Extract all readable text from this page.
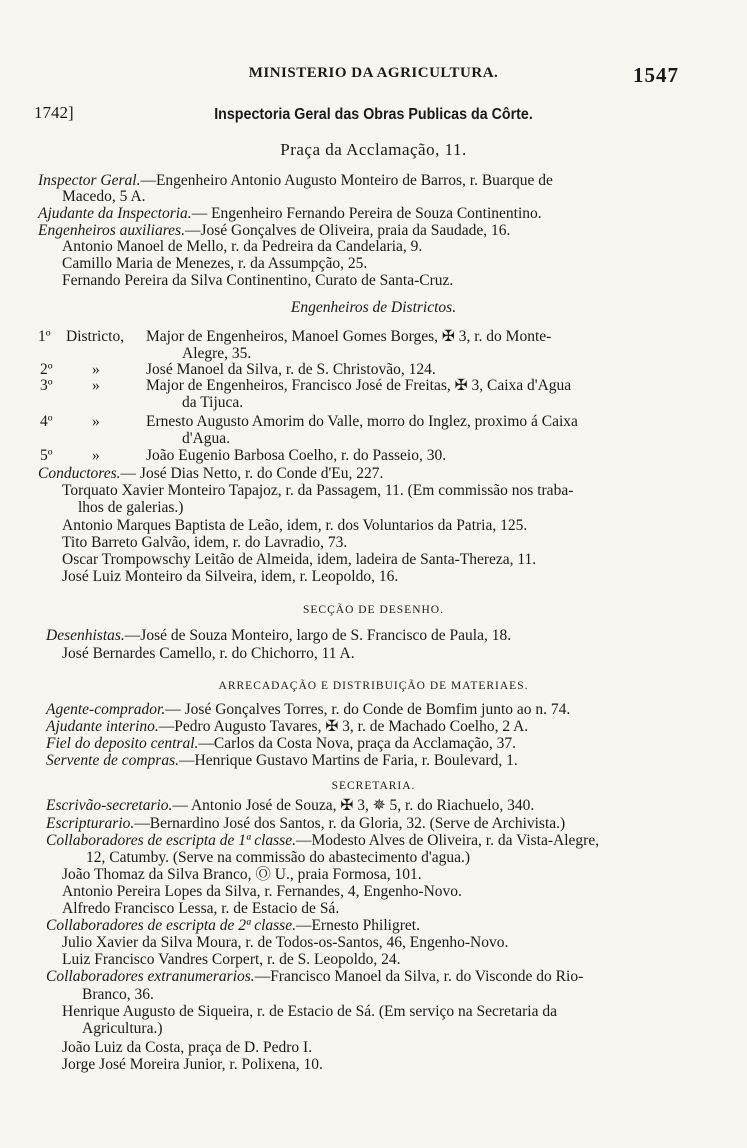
MINISTERIO DA AGRICULTURA.	1547
1742]	Inspectoria Geral das Obras Publicas da Côrte.
Praça da Acclamação, 11.
Inspector Geral.—Engenheiro Antonio Augusto Monteiro de Barros, r. Buarque de
Macedo, 5 A.
Ajudante da Inspectoria.— Engenheiro Fernando Pereira de Souza Continentino.
Engenheiros auxiliares.—José Gonçalves de Oliveira, praia da Saudade, 16.
Antonio Manoel de Mello, r. da Pedreira da Candelaria, 9.
Camillo Maria de Menezes, r. da Assumpção, 25.
Fernando Pereira da Silva Continentino, Curato de Santa-Cruz.
Engenheiros de Districtos.
1º Districto, Major de Engenheiros, Manoel Gomes Borges, ✠ 3, r. do Monte-
Alegre, 35.
2º	»	José Manoel da Silva, r. de S. Christovão, 124.
3º	»	Major de Engenheiros, Francisco José de Freitas, ✠ 3, Caixa d'Agua
da Tijuca.
4º	»	Ernesto Augusto Amorim do Valle, morro do Inglez, proximo á Caixa
d'Agua.
5º	»	João Eugenio Barbosa Coelho, r. do Passeio, 30.
Conductores.— José Dias Netto, r. do Conde d'Eu, 227.
Torquato Xavier Monteiro Tapajoz, r. da Passagem, 11. (Em commissão nos traba-
lhos de galerias.)
Antonio Marques Baptista de Leão, idem, r. dos Voluntarios da Patria, 125.
Tito Barreto Galvão, idem, r. do Lavradio, 73.
Oscar Trompowschy Leitão de Almeida, idem, ladeira de Santa-Thereza, 11.
José Luiz Monteiro da Silveira, idem, r. Leopoldo, 16.
SECÇÃO DE DESENHO.
Desenhistas.—José de Souza Monteiro, largo de S. Francisco de Paula, 18.
José Bernardes Camello, r. do Chichorro, 11 A.
ARRECADAÇÃO E DISTRIBUIÇÃO DE MATERIAES.
Agente-comprador.— José Gonçalves Torres, r. do Conde de Bomfim junto ao n. 74.
Ajudante interino.—Pedro Augusto Tavares, ✠ 3, r. de Machado Coelho, 2 A.
Fiel do deposito central.—Carlos da Costa Nova, praça da Acclamação, 37.
Servente de compras.—Henrique Gustavo Martins de Faria, r. Boulevard, 1.
SECRETARIA.
Escrivão-secretario.— Antonio José de Souza, ✠ 3, ✵ 5, r. do Riachuelo, 340.
Escripturario.—Bernardino José dos Santos, r. da Gloria, 32. (Serve de Archivista.)
Collaboradores de escripta de 1ª classe.—Modesto Alves de Oliveira, r. da Vista-Alegre,
12, Catumby. (Serve na commissão do abastecimento d'agua.)
João Thomaz da Silva Branco, Ⓞ U., praia Formosa, 101.
Antonio Pereira Lopes da Silva, r. Fernandes, 4, Engenho-Novo.
Alfredo Francisco Lessa, r. de Estacio de Sá.
Collaboradores de escripta de 2ª classe.—Ernesto Philigret.
Julio Xavier da Silva Moura, r. de Todos-os-Santos, 46, Engenho-Novo.
Luiz Francisco Vandres Corpert, r. de S. Leopoldo, 24.
Collaboradores extranumerarios.—Francisco Manoel da Silva, r. do Visconde do Rio-
Branco, 36.
Henrique Augusto de Siqueira, r. de Estacio de Sá. (Em serviço na Secretaria da
Agricultura.)
João Luiz da Costa, praça de D. Pedro I.
Jorge José Moreira Junior, r. Polixena, 10.
